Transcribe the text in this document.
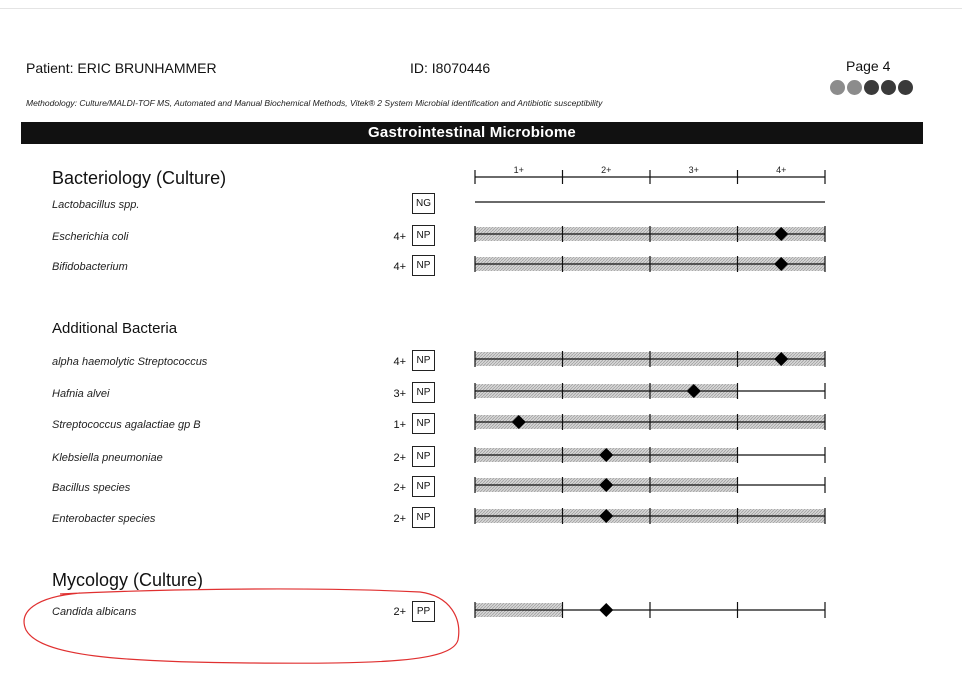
Patient: ERIC BRUNHAMMER	ID: I8070446	Page 4
Methodology: Culture/MALDI-TOF MS, Automated and Manual Biochemical Methods, Vitek® 2 System Microbial identification and Antibiotic susceptibility
Gastrointestinal Microbiome
Bacteriology (Culture)
Additional Bacteria
Mycology (Culture)
Lactobacillus spp.	NG
Escherichia coli	4+	NP
Bifidobacterium	4+	NP
alpha haemolytic Streptococcus	4+	NP
Hafnia alvei	3+	NP
Streptococcus agalactiae gp B	1+	NP
Klebsiella pneumoniae	2+	NP
Bacillus species	2+	NP
Enterobacter species	2+	NP
Candida albicans	2+	PP
1+	2+	3+	4+
